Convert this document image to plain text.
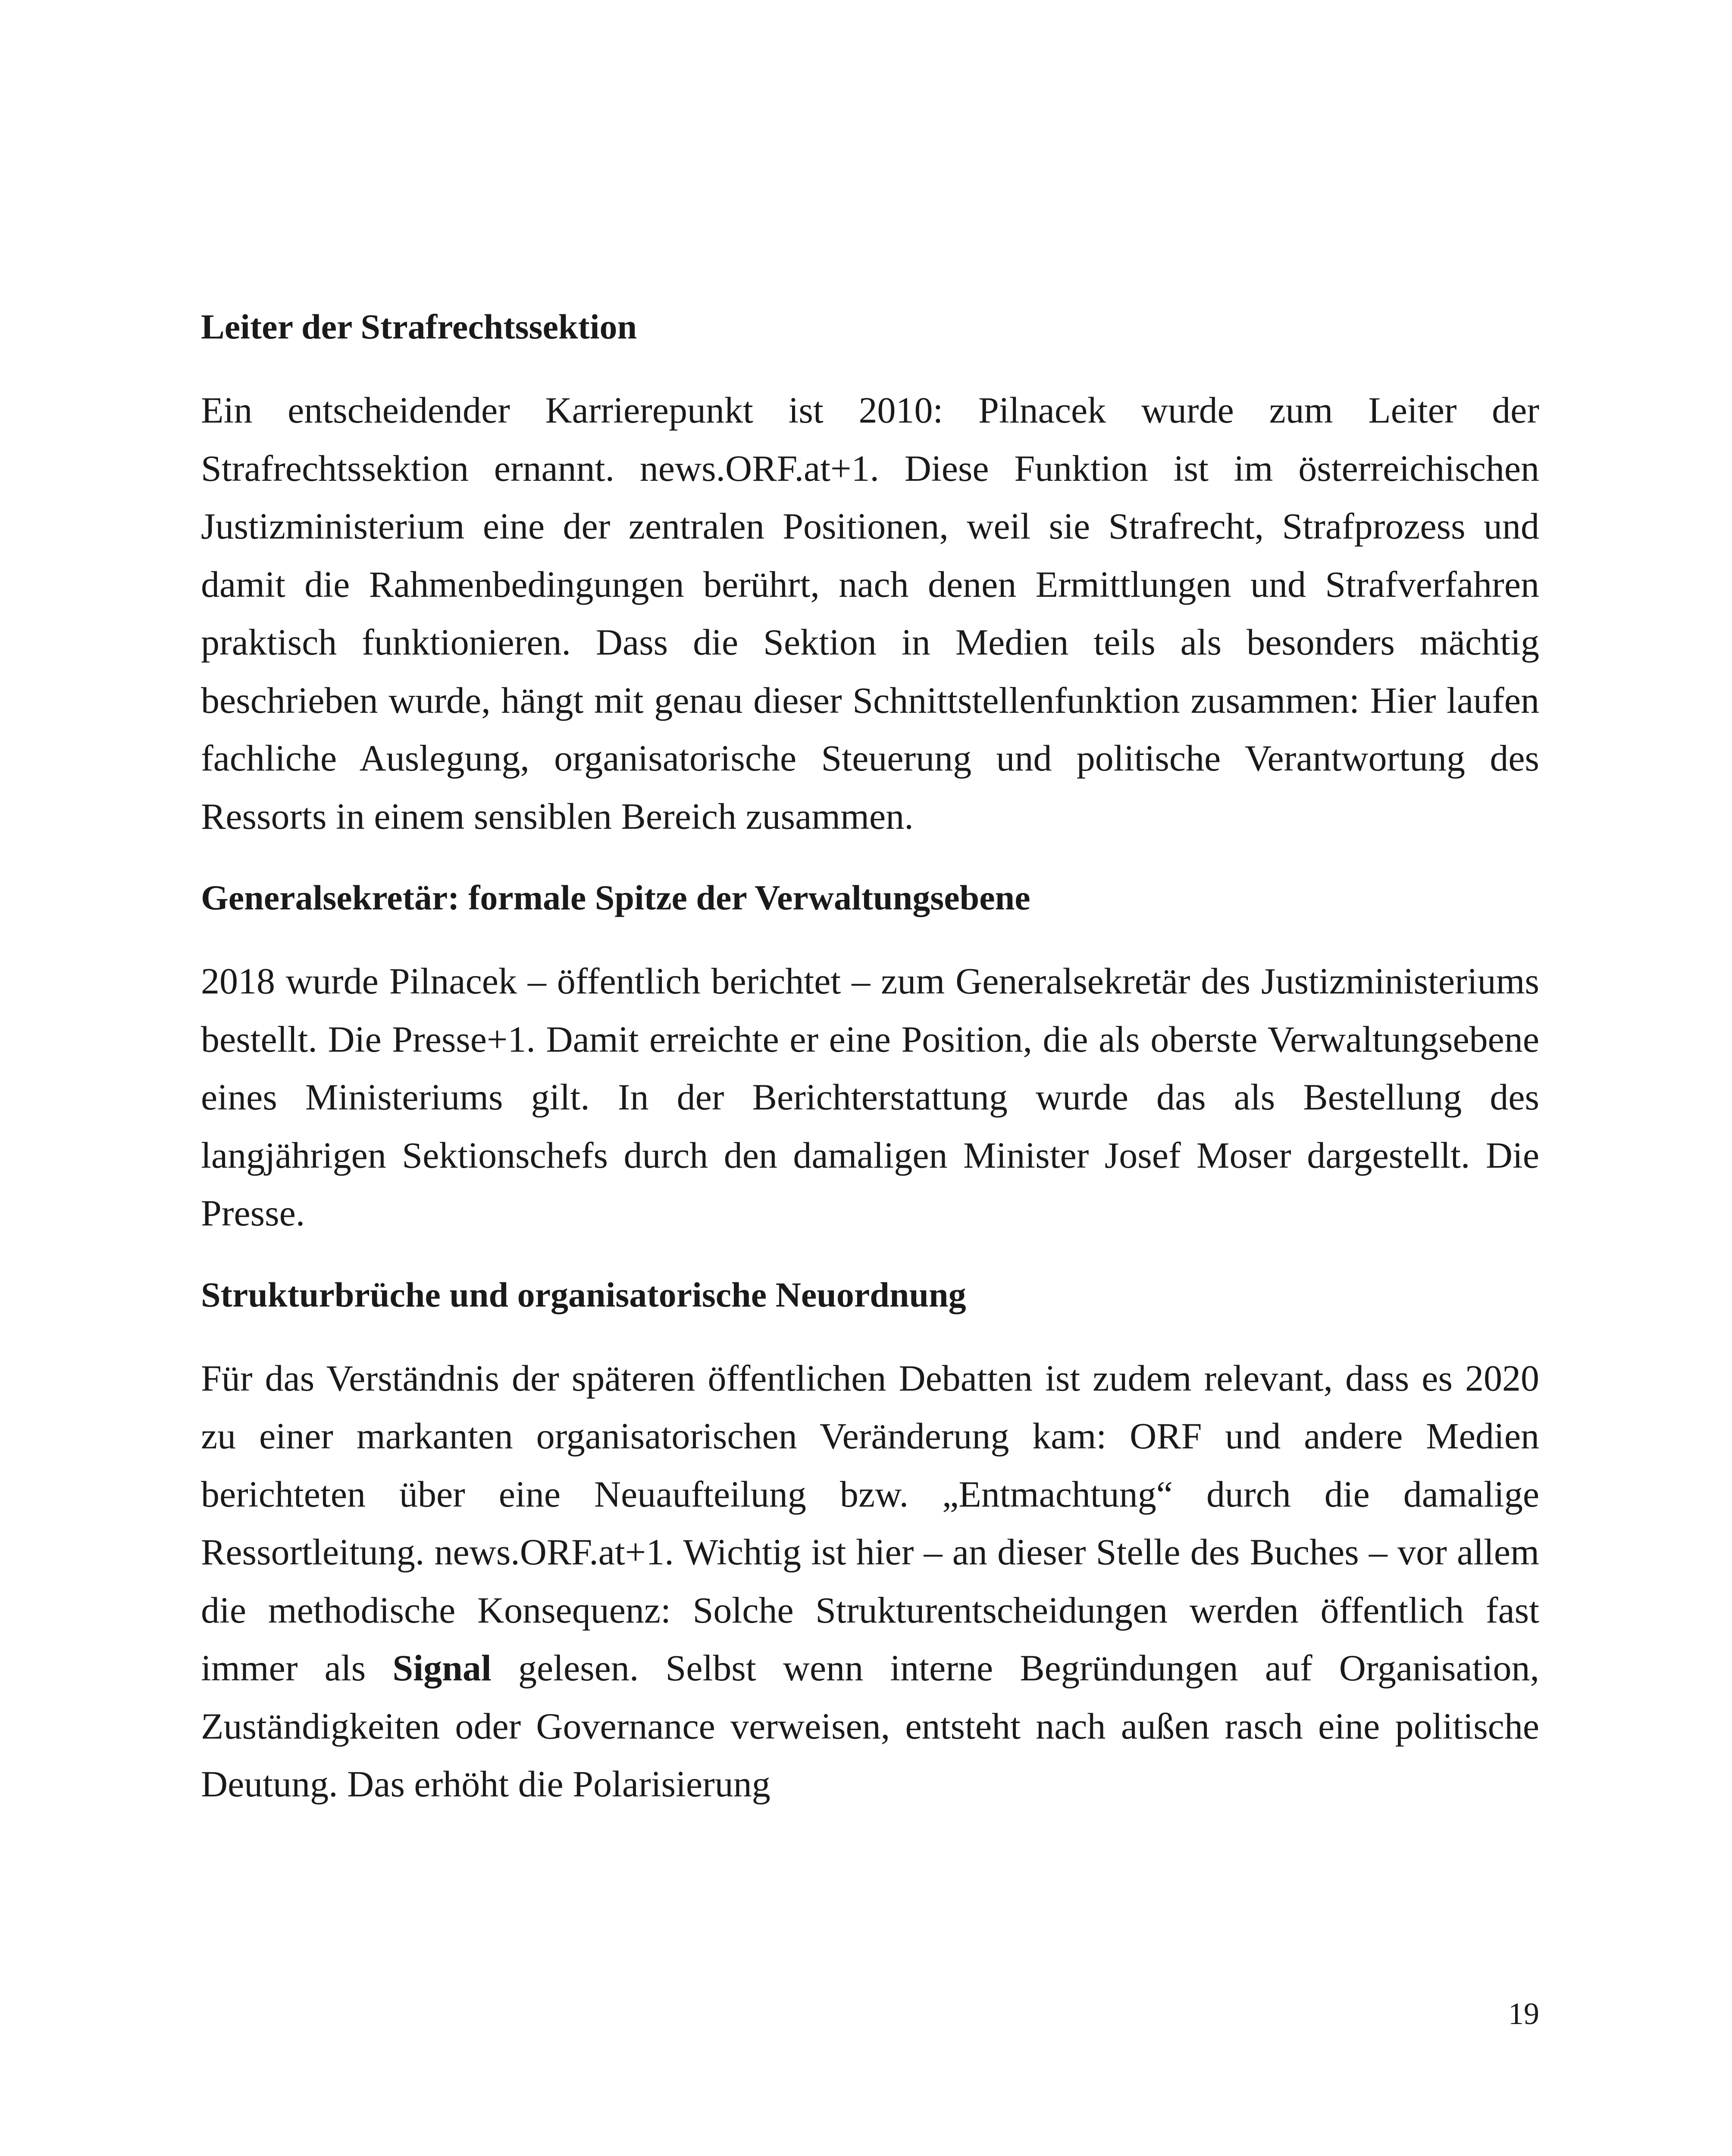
Leiter der Strafrechtssektion

Ein entscheidender Karrierepunkt ist 2010: Pilnacek wurde zum Leiter der Strafrechtssektion ernannt. news.ORF.at+1. Diese Funktion ist im österreichischen Justizministerium eine der zentralen Positionen, weil sie Strafrecht, Strafprozess und damit die Rahmenbedingungen berührt, nach denen Ermittlungen und Strafverfahren praktisch funktionieren. Dass die Sektion in Medien teils als besonders mächtig beschrieben wurde, hängt mit genau dieser Schnittstellenfunktion zusammen: Hier laufen fachliche Auslegung, organisatorische Steuerung und politische Verantwortung des Ressorts in einem sensiblen Bereich zusammen.

Generalsekretär: formale Spitze der Verwaltungsebene

2018 wurde Pilnacek – öffentlich berichtet – zum Generalsekretär des Justizministeriums bestellt. Die Presse+1. Damit erreichte er eine Position, die als oberste Verwaltungsebene eines Ministeriums gilt. In der Berichterstattung wurde das als Bestellung des langjährigen Sektionschefs durch den damaligen Minister Josef Moser dargestellt. Die Presse.

Strukturbrüche und organisatorische Neuordnung

Für das Verständnis der späteren öffentlichen Debatten ist zudem relevant, dass es 2020 zu einer markanten organisatorischen Veränderung kam: ORF und andere Medien berichteten über eine Neuaufteilung bzw. „Entmachtung“ durch die damalige Ressortleitung. news.ORF.at+1. Wichtig ist hier – an dieser Stelle des Buches – vor allem die methodische Konsequenz: Solche Strukturentscheidungen werden öffentlich fast immer als Signal gelesen. Selbst wenn interne Begründungen auf Organisation, Zuständigkeiten oder Governance verweisen, entsteht nach außen rasch eine politische Deutung. Das erhöht die Polarisierung

19
